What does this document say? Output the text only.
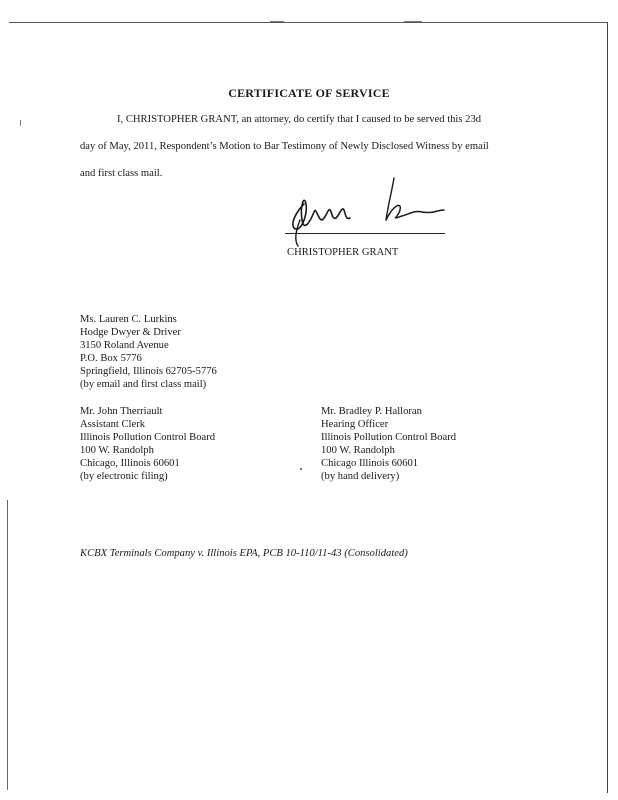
CERTIFICATE OF SERVICE
I, CHRISTOPHER GRANT, an attorney, do certify that I caused to be served this 23d
day of May, 2011, Respondent’s Motion to Bar Testimony of Newly Disclosed Witness by email
and first class mail.
CHRISTOPHER GRANT
Ms. Lauren C. Lurkins
Hodge Dwyer & Driver
3150 Roland Avenue
P.O. Box 5776
Springfield, Illinois 62705-5776
(by email and first class mail)
Mr. John Therriault
Assistant Clerk
Illinois Pollution Control Board
100 W. Randolph
Chicago, Illinois 60601
(by electronic filing)
Mr. Bradley P. Halloran
Hearing Officer
Illinois Pollution Control Board
100 W. Randolph
Chicago Illinois 60601
(by hand delivery)
KCBX Terminals Company v. Illinois EPA, PCB 10-110/11-43 (Consolidated)
